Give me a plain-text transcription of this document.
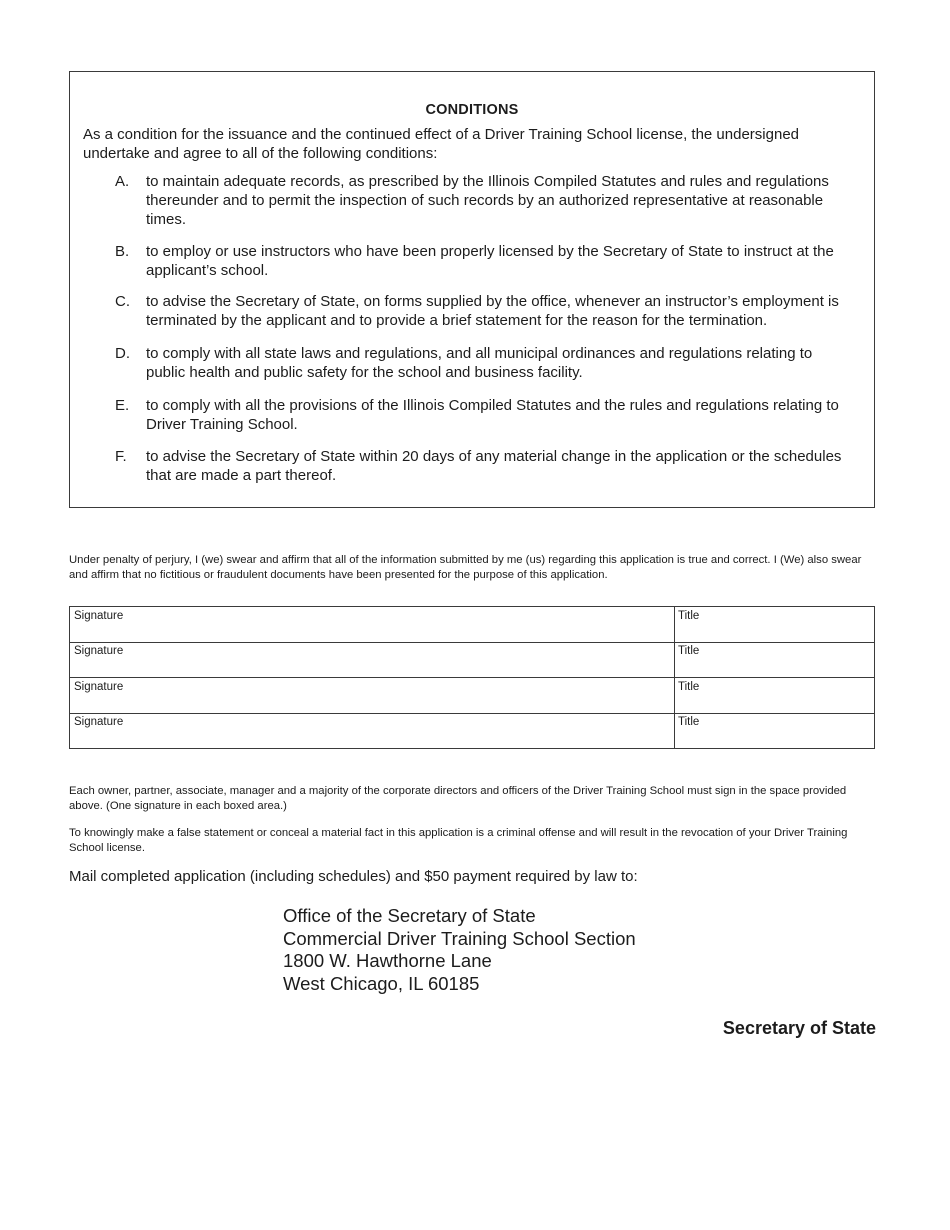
CONDITIONS
As a condition for the issuance and the continued effect of a Driver Training School license, the undersigned undertake and agree to all of the following conditions:
A.	to maintain adequate records, as prescribed by the Illinois Compiled Statutes and rules and regulations thereunder and to permit the inspection of such records by an authorized representative at reasonable times.
B.	to employ or use instructors who have been properly licensed by the Secretary of State to instruct at the applicant’s school.
C.	to advise the Secretary of State, on forms supplied by the office, whenever an instructor’s employment is terminated by the applicant and to provide a brief statement for the reason for the termination.
D.	to comply with all state laws and regulations, and all municipal ordinances and regulations relating to public health and public safety for the school and business facility.
E.	to comply with all the provisions of the Illinois Compiled Statutes and the rules and regulations relating to Driver Training School.
F.	to advise the Secretary of State within 20 days of any material change in the application or the schedules that are made a part thereof.
Under penalty of perjury, I (we) swear and affirm that all of the information submitted by me (us) regarding this application is true and correct. I (We) also swear and affirm that no fictitious or fraudulent documents have been presented for the purpose of this application.
Signature	Title
Signature	Title
Signature	Title
Signature	Title
Each owner, partner, associate, manager and a majority of the corporate directors and officers of the Driver Training School must sign in the space provided above. (One signature in each boxed area.)
To knowingly make a false statement or conceal a material fact in this application is a criminal offense and will result in the revocation of your Driver Training School license.
Mail completed application (including schedules) and $50 payment required by law to:
Office of the Secretary of State
Commercial Driver Training School Section
1800 W. Hawthorne Lane
West Chicago, IL 60185
Secretary of State
